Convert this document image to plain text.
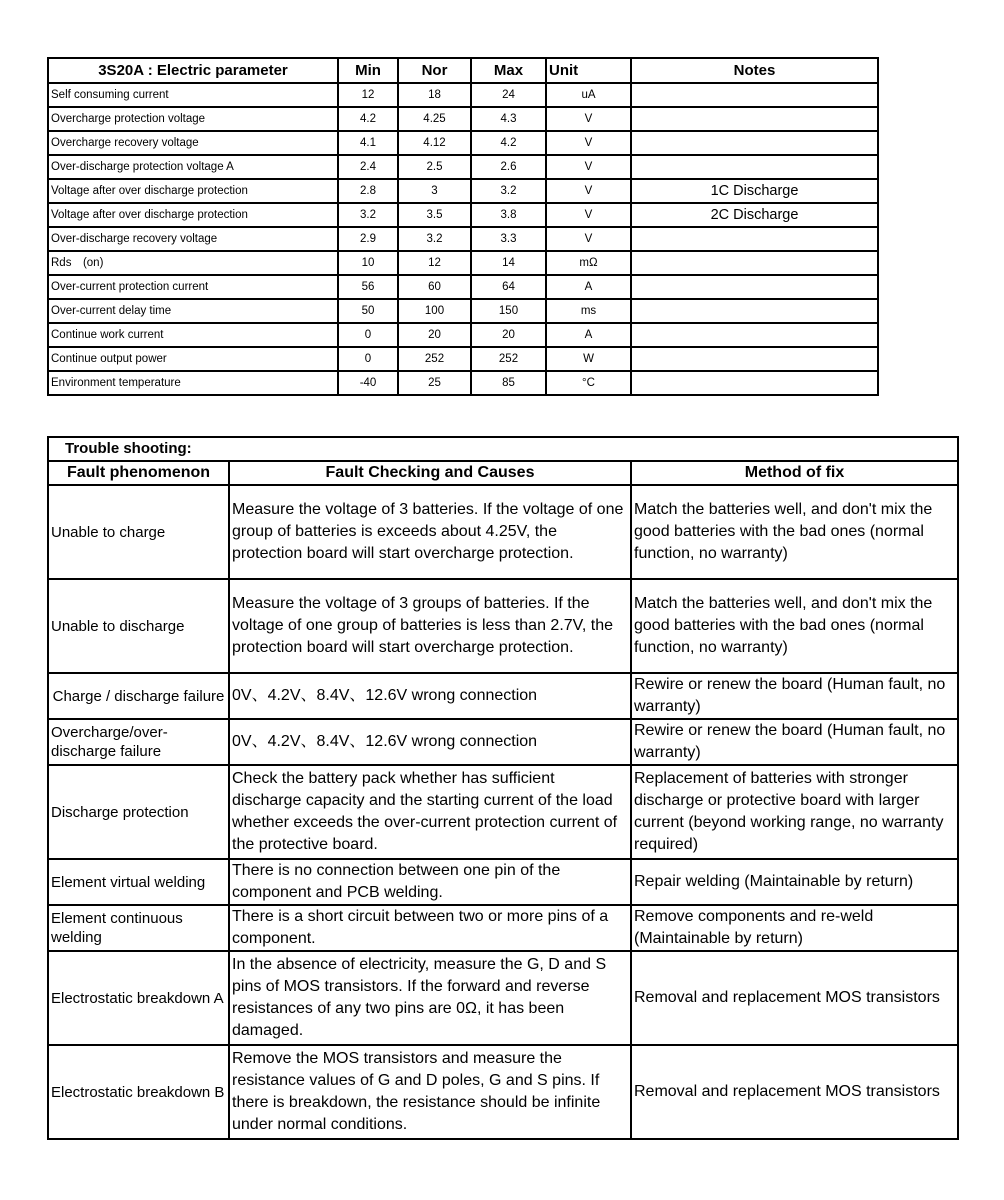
3S20A : Electric parameter	Min	Nor	Max	Unit	Notes
Self consuming current	12	18	24	uA	
Overcharge protection voltage	4.2	4.25	4.3	V	
Overcharge recovery voltage	4.1	4.12	4.2	V	
Over-discharge protection voltage A	2.4	2.5	2.6	V	
Voltage after over discharge protection	2.8	3	3.2	V	1C Discharge
Voltage after over discharge protection	3.2	3.5	3.8	V	2C Discharge
Over-discharge recovery voltage	2.9	3.2	3.3	V	
Rds　(on)	10	12	14	mΩ	
Over-current protection current	56	60	64	A	
Over-current delay time	50	100	150	ms	
Continue work current	0	20	20	A	
Continue output power	0	252	252	W	
Environment temperature	-40	25	85	°C	
Trouble shooting:		
Fault phenomenon	Fault Checking and Causes	Method of fix
Unable to charge	Measure the voltage of 3 batteries. If the voltage of one group of batteries is exceeds about 4.25V, the protection board will start overcharge protection.	Match the batteries well, and don't mix the good batteries with the bad ones (normal function, no warranty)
Unable to discharge	Measure the voltage of 3 groups of batteries. If the voltage of one group of batteries is less than 2.7V, the protection board will start overcharge protection.	Match the batteries well, and don't mix the good batteries with the bad ones (normal function, no warranty)
Charge / discharge failure	0V、4.2V、8.4V、12.6V wrong connection	Rewire or renew the board (Human fault, no warranty)
Overcharge/over-discharge failure	0V、4.2V、8.4V、12.6V wrong connection	Rewire or renew the board (Human fault, no warranty)
Discharge protection	Check the battery pack whether has sufficient discharge capacity and the starting current of the load whether exceeds the over-current protection current of the protective board.	Replacement of batteries with stronger discharge or protective board with larger current (beyond working range, no warranty required)
Element virtual welding	There is no connection between one pin of the component and PCB welding.	Repair welding (Maintainable by return)
Element continuous welding	There is a short circuit between two or more pins of a component.	Remove components and re-weld (Maintainable by return)
Electrostatic breakdown A	In the absence of electricity, measure the G, D and S pins of MOS transistors. If the forward and reverse resistances of any two pins are 0Ω, it has been damaged.	Removal and replacement MOS transistors
Electrostatic breakdown B	Remove the MOS transistors and measure the resistance values of G and D poles, G and S pins. If there is breakdown, the resistance should be infinite under normal conditions.	Removal and replacement MOS transistors
